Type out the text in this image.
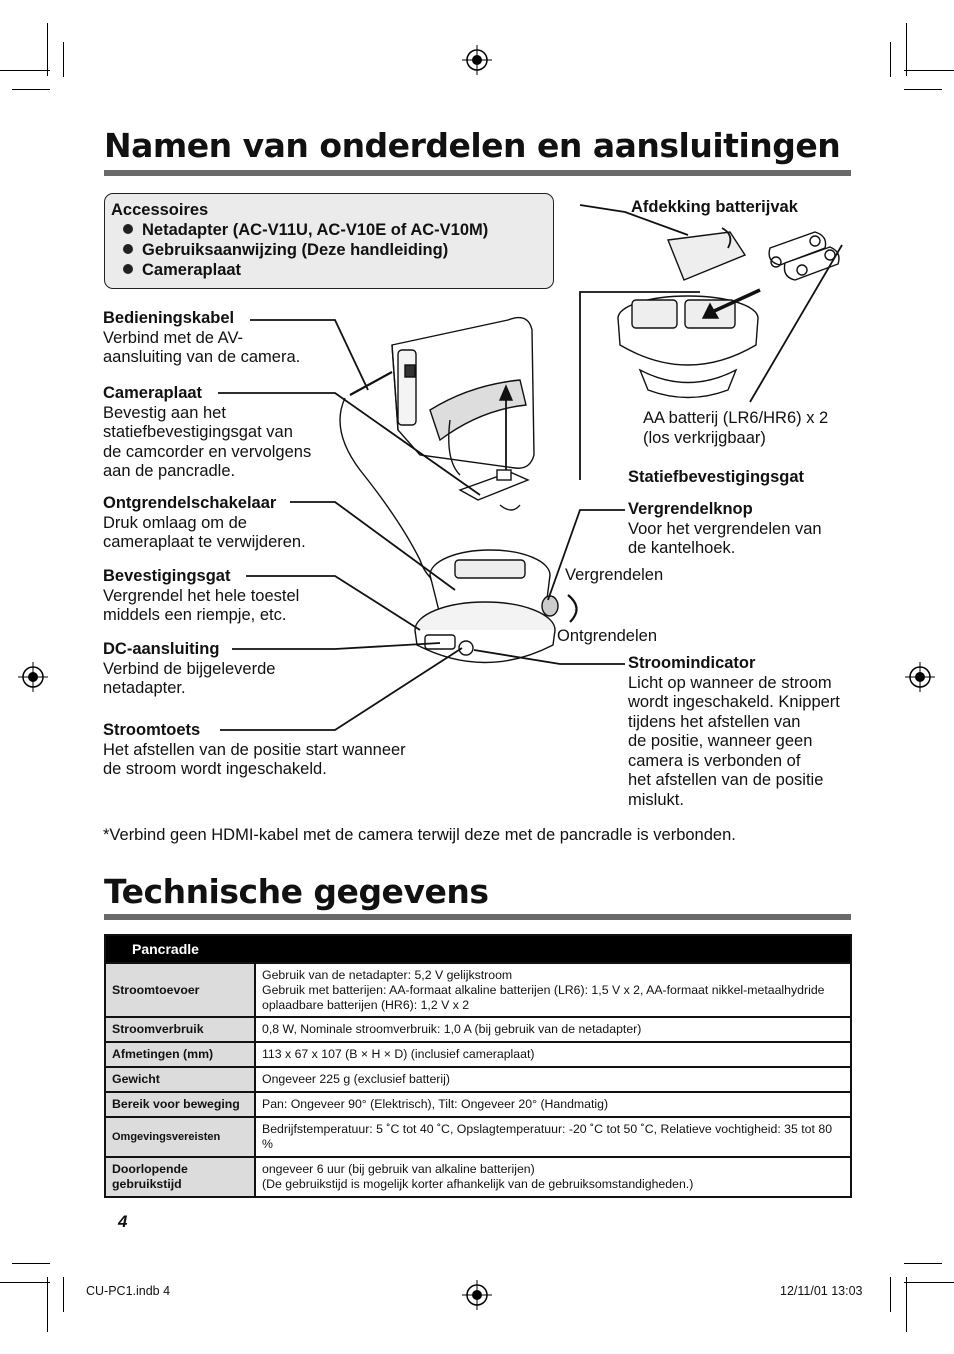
Namen van onderdelen en aansluitingen
Accessoires
Netadapter (AC-V11U, AC-V10E of AC-V10M)
Gebruiksaanwijzing (Deze handleiding)
Cameraplaat
Bedieningskabel
Verbind met de AV-
aansluiting van de camera.
Cameraplaat
Bevestig aan het
statiefbevestigingsgat van
de camcorder en vervolgens
aan de pancradle.
Ontgrendelschakelaar
Druk omlaag om de
cameraplaat te verwijderen.
Bevestigingsgat
Vergrendel het hele toestel
middels een riempje, etc.
DC-aansluiting
Verbind de bijgeleverde
netadapter.
Stroomtoets
Het afstellen van de positie start wanneer
de stroom wordt ingeschakeld.
Afdekking batterijvak
AA batterij (LR6/HR6) x 2
(los verkrijgbaar)
Statiefbevestigingsgat
Vergrendelknop
Voor het vergrendelen van
de kantelhoek.
Vergrendelen
Ontgrendelen
Stroomindicator
Licht op wanneer de stroom
wordt ingeschakeld. Knippert
tijdens het afstellen van
de positie, wanneer geen
camera is verbonden of
het afstellen van de positie
mislukt.
*Verbind geen HDMI-kabel met de camera terwijl deze met de pancradle is verbonden.
Technische gegevens
Pancradle	
Stroomtoevoer	Gebruik van de netadapter: 5,2 V gelijkstroom
Gebruik met batterijen: AA-formaat alkaline batterijen (LR6): 1,5 V x 2, AA-formaat nikkel-metaalhydride oplaadbare batterijen (HR6): 1,2 V x 2

Stroomverbruik	0,8 W, Nominale stroomverbruik: 1,0 A (bij gebruik van de netadapter)
Afmetingen (mm)	113 x 67 x 107 (B × H × D) (inclusief cameraplaat)
Gewicht	Ongeveer 225 g (exclusief batterij)
Bereik voor beweging	Pan: Ongeveer 90° (Elektrisch), Tilt: Ongeveer 20° (Handmatig)
Omgevingsvereisten	Bedrijfstemperatuur: 5 ˚C tot 40 ˚C, Opslagtemperatuur: -20 ˚C tot 50 ˚C, Relatieve vochtigheid: 35 tot 80 %
Doorlopende gebruikstijd	ongeveer 6 uur (bij gebruik van alkaline batterijen)
(De gebruikstijd is mogelijk korter afhankelijk van de gebruiksomstandigheden.)
4
CU-PC1.indb 4	12/11/01 13:03
